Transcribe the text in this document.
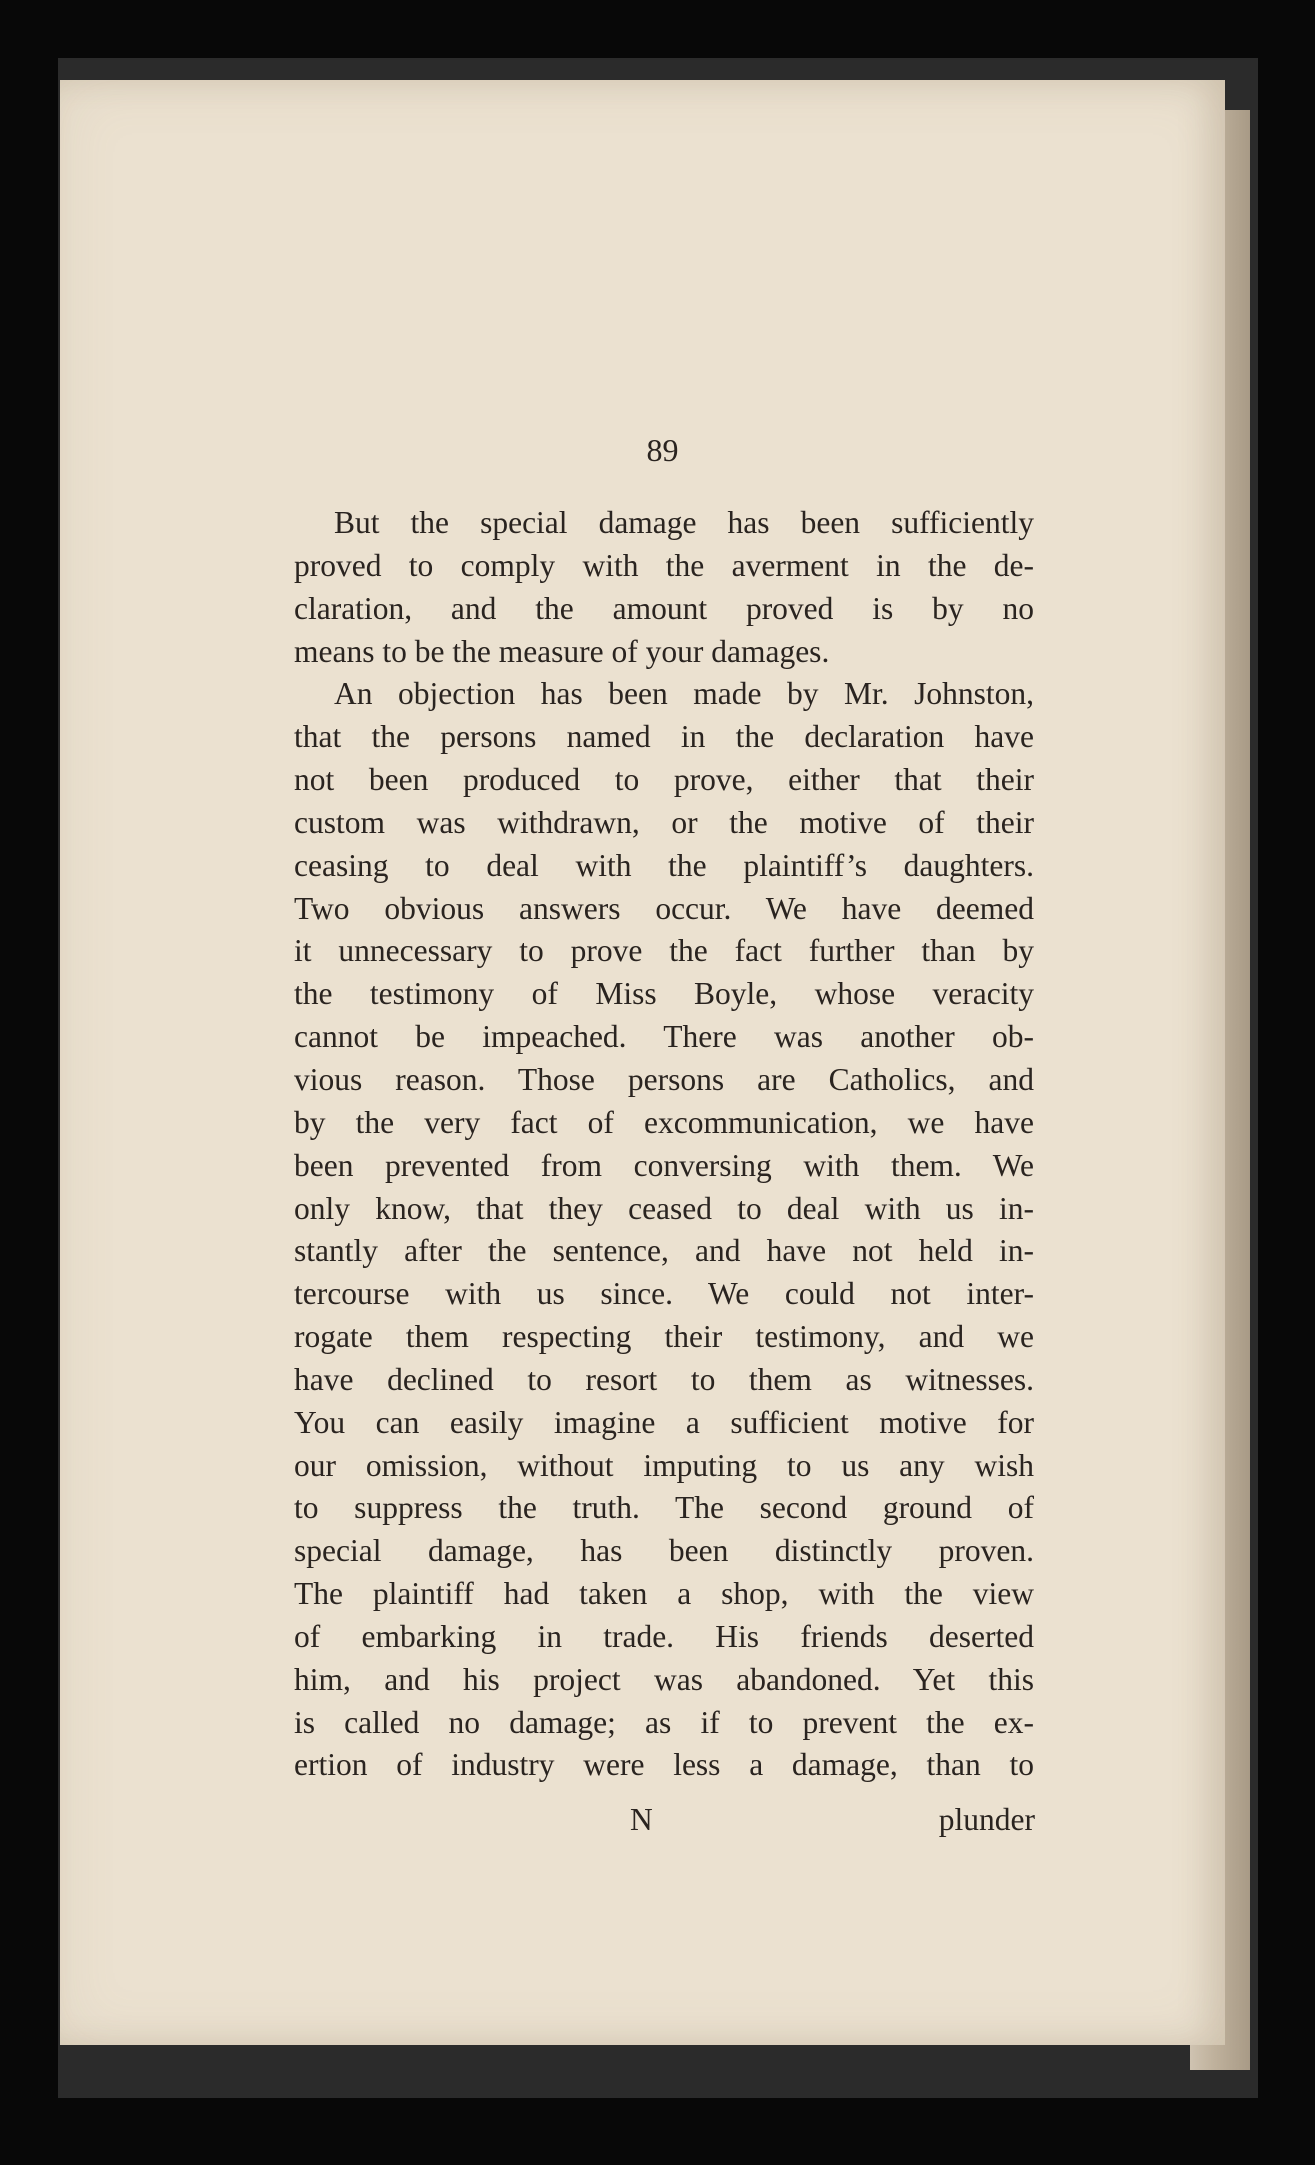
89
But the special damage has been sufficiently
proved to comply with the averment in the de-
claration, and the amount proved is by no
means to be the measure of your damages.
An objection has been made by Mr. Johnston,
that the persons named in the declaration have
not been produced to prove, either that their
custom was withdrawn, or the motive of their
ceasing to deal with the plaintiff’s daughters.
Two obvious answers occur. We have deemed
it unnecessary to prove the fact further than by
the testimony of Miss Boyle, whose veracity
cannot be impeached. There was another ob-
vious reason. Those persons are Catholics, and
by the very fact of excommunication, we have
been prevented from conversing with them. We
only know, that they ceased to deal with us in-
stantly after the sentence, and have not held in-
tercourse with us since. We could not inter-
rogate them respecting their testimony, and we
have declined to resort to them as witnesses.
You can easily imagine a sufficient motive for
our omission, without imputing to us any wish
to suppress the truth. The second ground of
special damage, has been distinctly proven.
The plaintiff had taken a shop, with the view
of embarking in trade. His friends deserted
him, and his project was abandoned. Yet this
is called no damage; as if to prevent the ex-
ertion of industry were less a damage, than to
N	plunder
